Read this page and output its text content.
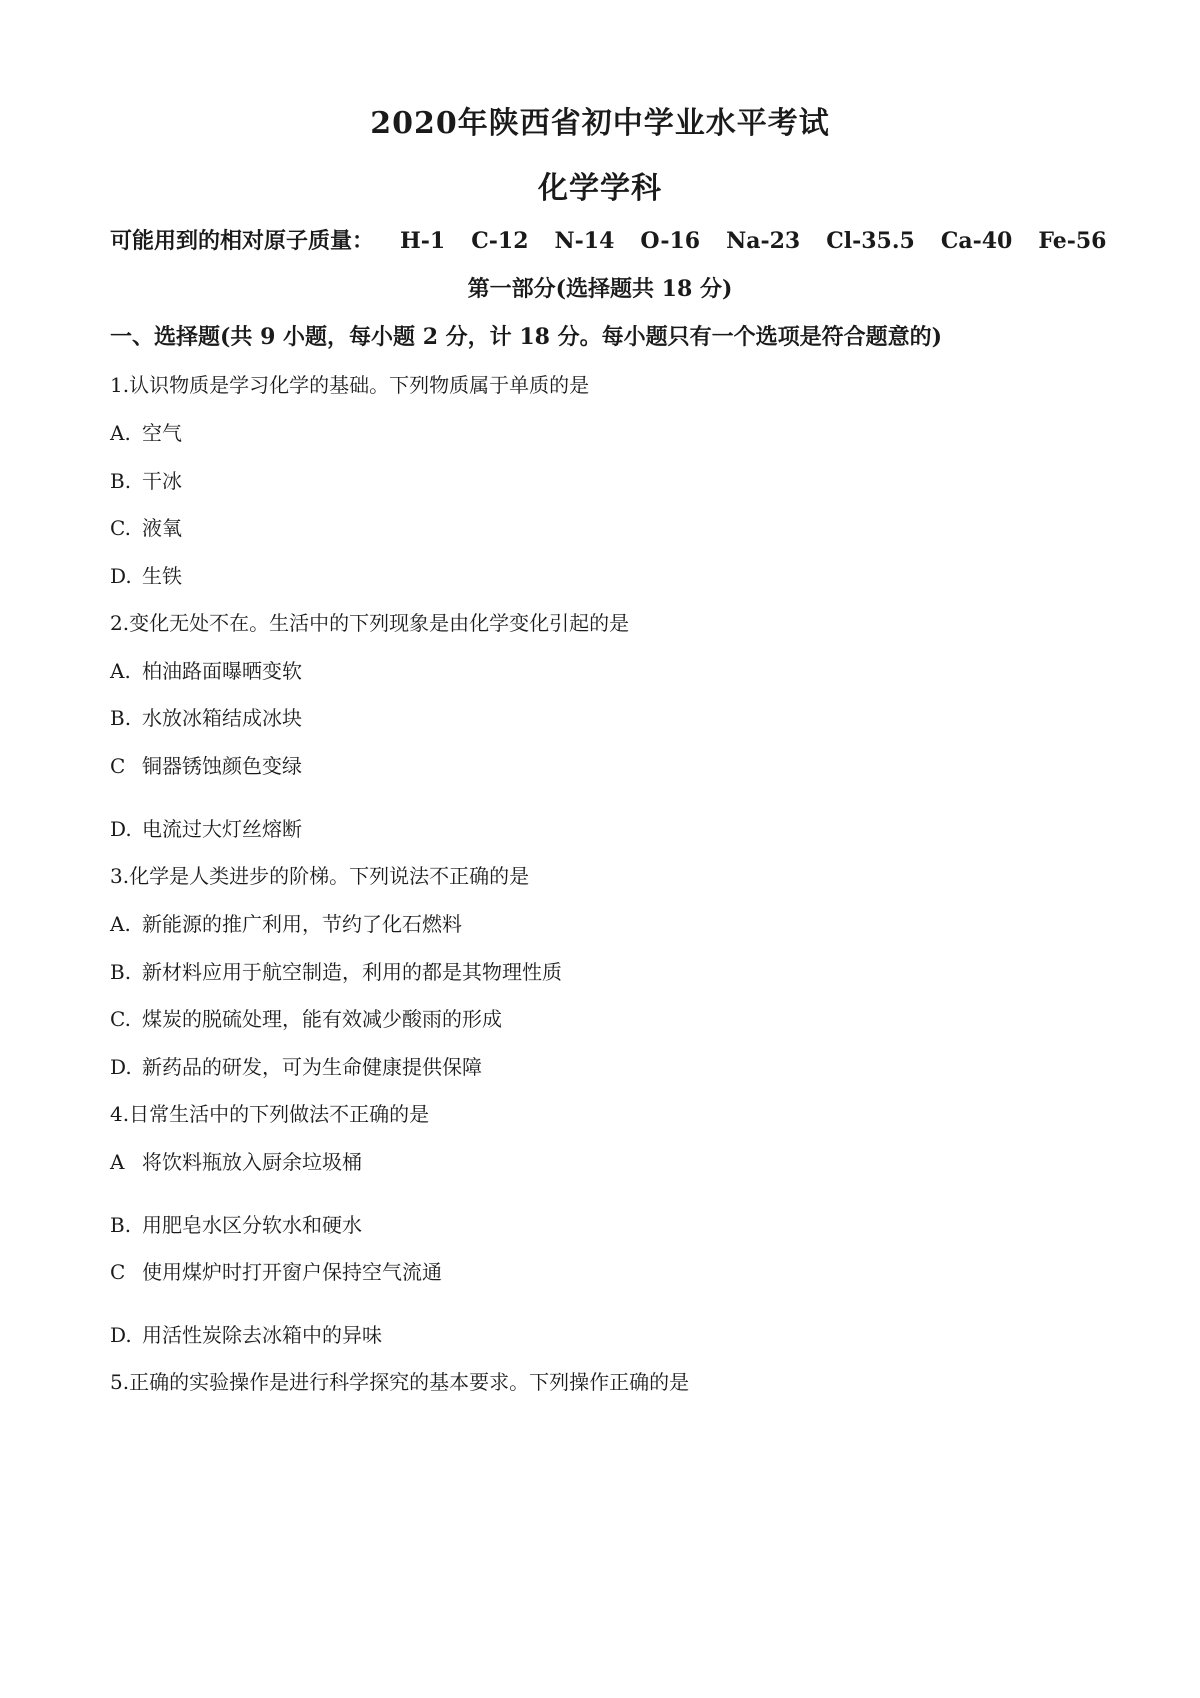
2020年陕西省初中学业水平考试
化学学科
可能用到的相对原子质量： H-1 C-12 N-14 O-16 Na-23 Cl-35.5 Ca-40 Fe-56
第一部分(选择题共 18 分)
一、选择题(共 9 小题，每小题 2 分，计 18 分。每小题只有一个选项是符合题意的)
1.认识物质是学习化学的基础。下列物质属于单质的是
A. 空气
B. 干冰
C. 液氧
D. 生铁
2.变化无处不在。生活中的下列现象是由化学变化引起的是
A. 柏油路面曝晒变软
B. 水放冰箱结成冰块
C 铜器锈蚀颜色变绿
D. 电流过大灯丝熔断
3.化学是人类进步的阶梯。下列说法不正确的是
A. 新能源的推广利用，节约了化石燃料
B. 新材料应用于航空制造，利用的都是其物理性质
C. 煤炭的脱硫处理，能有效减少酸雨的形成
D. 新药品的研发，可为生命健康提供保障
4.日常生活中的下列做法不正确的是
A 将饮料瓶放入厨余垃圾桶
B. 用肥皂水区分软水和硬水
C 使用煤炉时打开窗户保持空气流通
D. 用活性炭除去冰箱中的异味
5.正确的实验操作是进行科学探究的基本要求。下列操作正确的是
